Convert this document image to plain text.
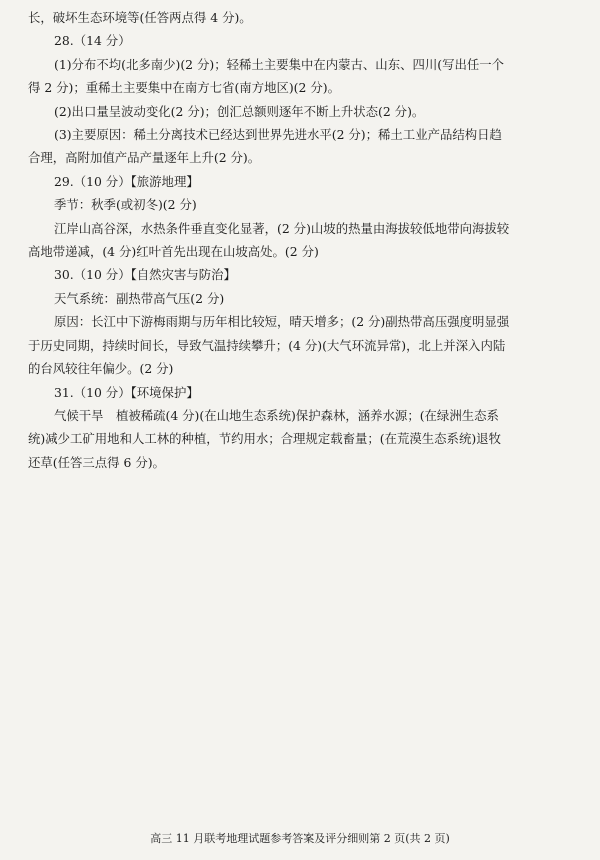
长，破坏生态环境等(任答两点得 4 分)。

28.（14 分）

(1)分布不均(北多南少)(2 分)；轻稀土主要集中在内蒙古、山东、四川(写出任一个

得 2 分)；重稀土主要集中在南方七省(南方地区)(2 分)。

(2)出口量呈波动变化(2 分)；创汇总额则逐年不断上升状态(2 分)。

(3)主要原因：稀土分离技术已经达到世界先进水平(2 分)；稀土工业产品结构日趋

合理，高附加值产品产量逐年上升(2 分)。

29.（10 分）【旅游地理】

季节：秋季(或初冬)(2 分)

江岸山高谷深，水热条件垂直变化显著，(2 分)山坡的热量由海拔较低地带向海拔较

高地带递减，(4 分)红叶首先出现在山坡高处。(2 分)

30.（10 分）【自然灾害与防治】

天气系统：副热带高气压(2 分)

原因：长江中下游梅雨期与历年相比较短，晴天增多；(2 分)副热带高压强度明显强

于历史同期，持续时间长，导致气温持续攀升；(4 分)(大气环流异常)，北上并深入内陆

的台风较往年偏少。(2 分)

31.（10 分）【环境保护】

气候干旱　植被稀疏(4 分)(在山地生态系统)保护森林，涵养水源；(在绿洲生态系

统)减少工矿用地和人工林的种植，节约用水；合理规定载畜量；(在荒漠生态系统)退牧

还草(任答三点得 6 分)。

高三 11 月联考地理试题参考答案及评分细则第 2 页(共 2 页)
